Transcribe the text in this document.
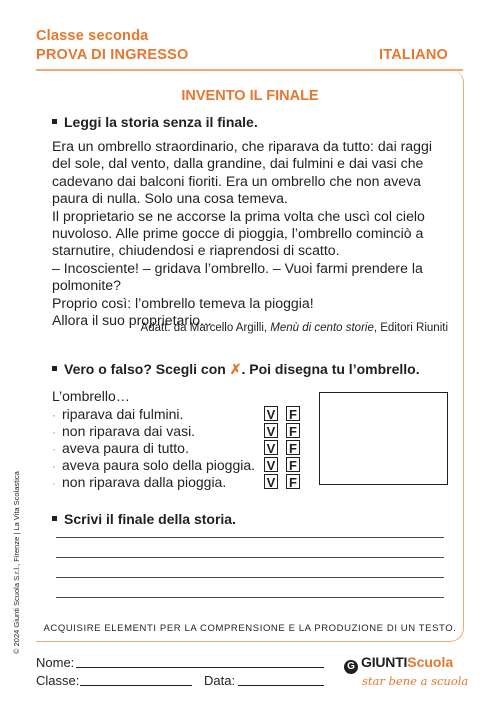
Classe seconda
PROVA DI INGRESSO	ITALIANO
INVENTO IL FINALE
Leggi la storia senza il finale.

Era un ombrello straordinario, che riparava da tutto: dai raggi

del sole, dal vento, dalla grandine, dai fulmini e dai vasi che

cadevano dai balconi fioriti. Era un ombrello che non aveva

paura di nulla. Solo una cosa temeva.

Il proprietario se ne accorse la prima volta che uscì col cielo

nuvoloso. Alle prime gocce di pioggia, l’ombrello cominciò a

starnutire, chiudendosi e riaprendosi di scatto.

– Incosciente! – gridava l’ombrello. – Vuoi farmi prendere la

polmonite?

Proprio così: l’ombrello temeva la pioggia!

Allora il suo proprietario...

Adatt. da Marcello Argilli, Menù di cento storie, Editori Riuniti
Vero o falso? Scegli con ✗. Poi disegna tu l’ombrello.
L’ombrello…
· riparava dai fulmini.
· non riparava dai vasi.
· aveva paura di tutto.
· aveva paura solo della pioggia.
· non riparava dalla pioggia.
V F
V F
V F
V F
V F
Scrivi il finale della storia.
ACQUISIRE ELEMENTI PER LA COMPRENSIONE E LA PRODUZIONE DI UN TESTO.
Nome:
Classe:	Data:
© 2024 Giunti Scuola S.r.l., Firenze | La Vita Scolastica
G GIUNTIScuola
star bene a scuola
